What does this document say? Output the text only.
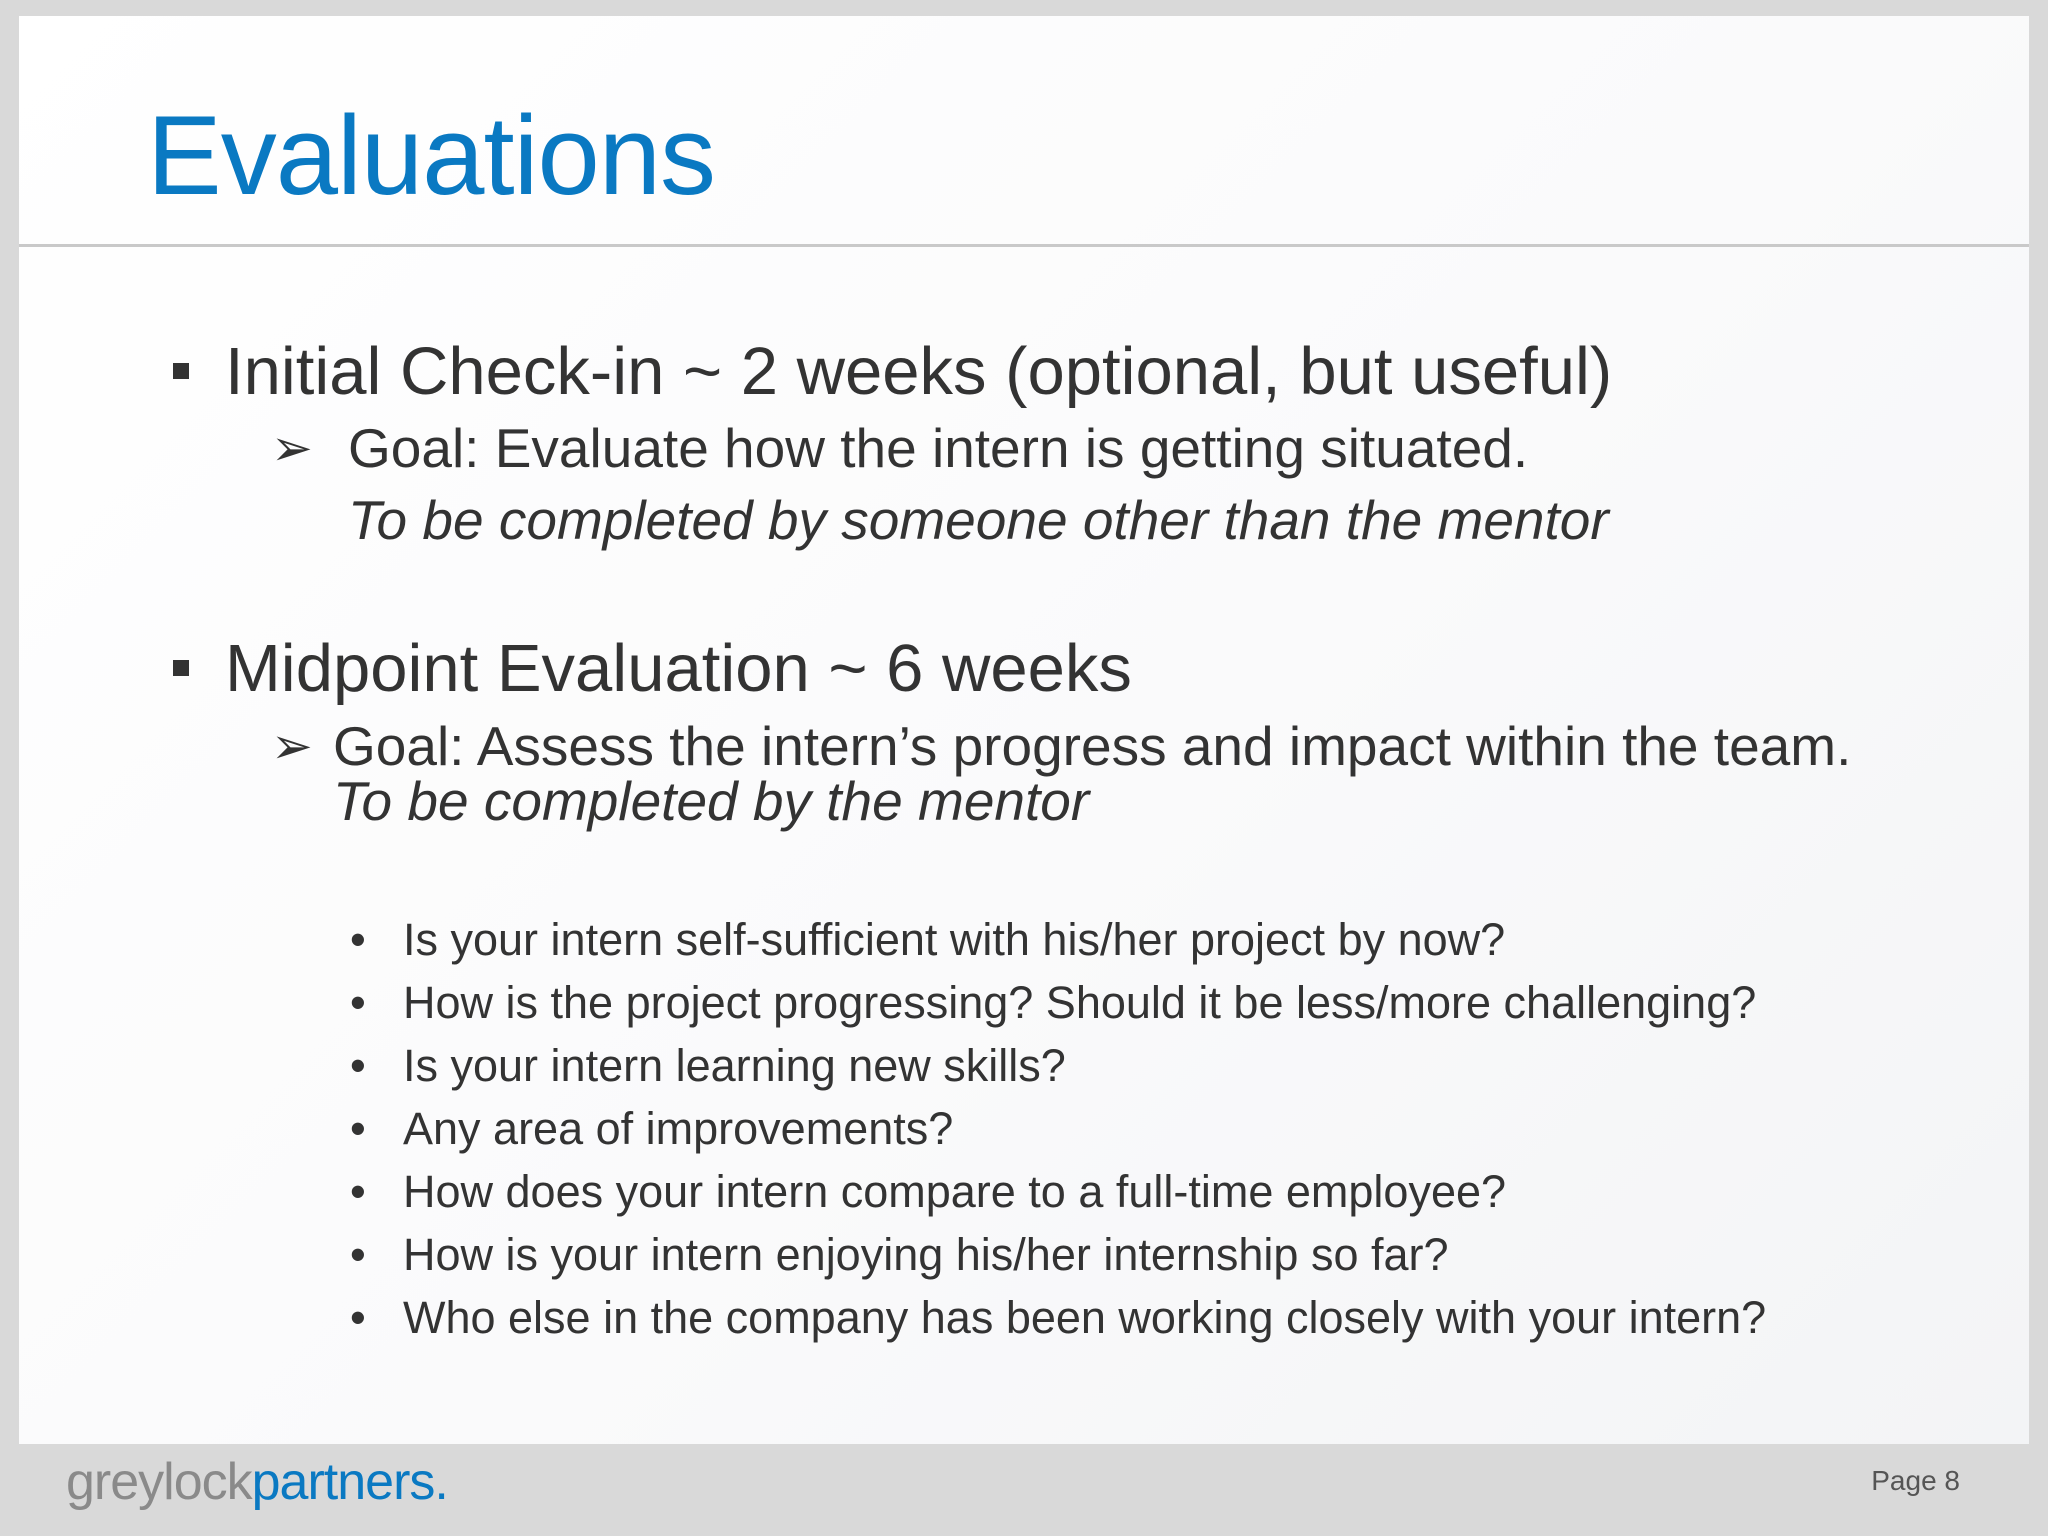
Evaluations
Initial Check-in ~ 2 weeks (optional, but useful)
➢ Goal: Evaluate how the intern is getting situated.
To be completed by someone other than the mentor
Midpoint Evaluation ~ 6 weeks
➢ Goal: Assess the intern’s progress and impact within the team.
To be completed by the mentor
• Is your intern self-sufficient with his/her project by now?
• How is the project progressing? Should it be less/more challenging?
• Is your intern learning new skills?
• Any area of improvements?
• How does your intern compare to a full-time employee?
• How is your intern enjoying his/her internship so far?
• Who else in the company has been working closely with your intern?
greylockpartners.	Page 8
